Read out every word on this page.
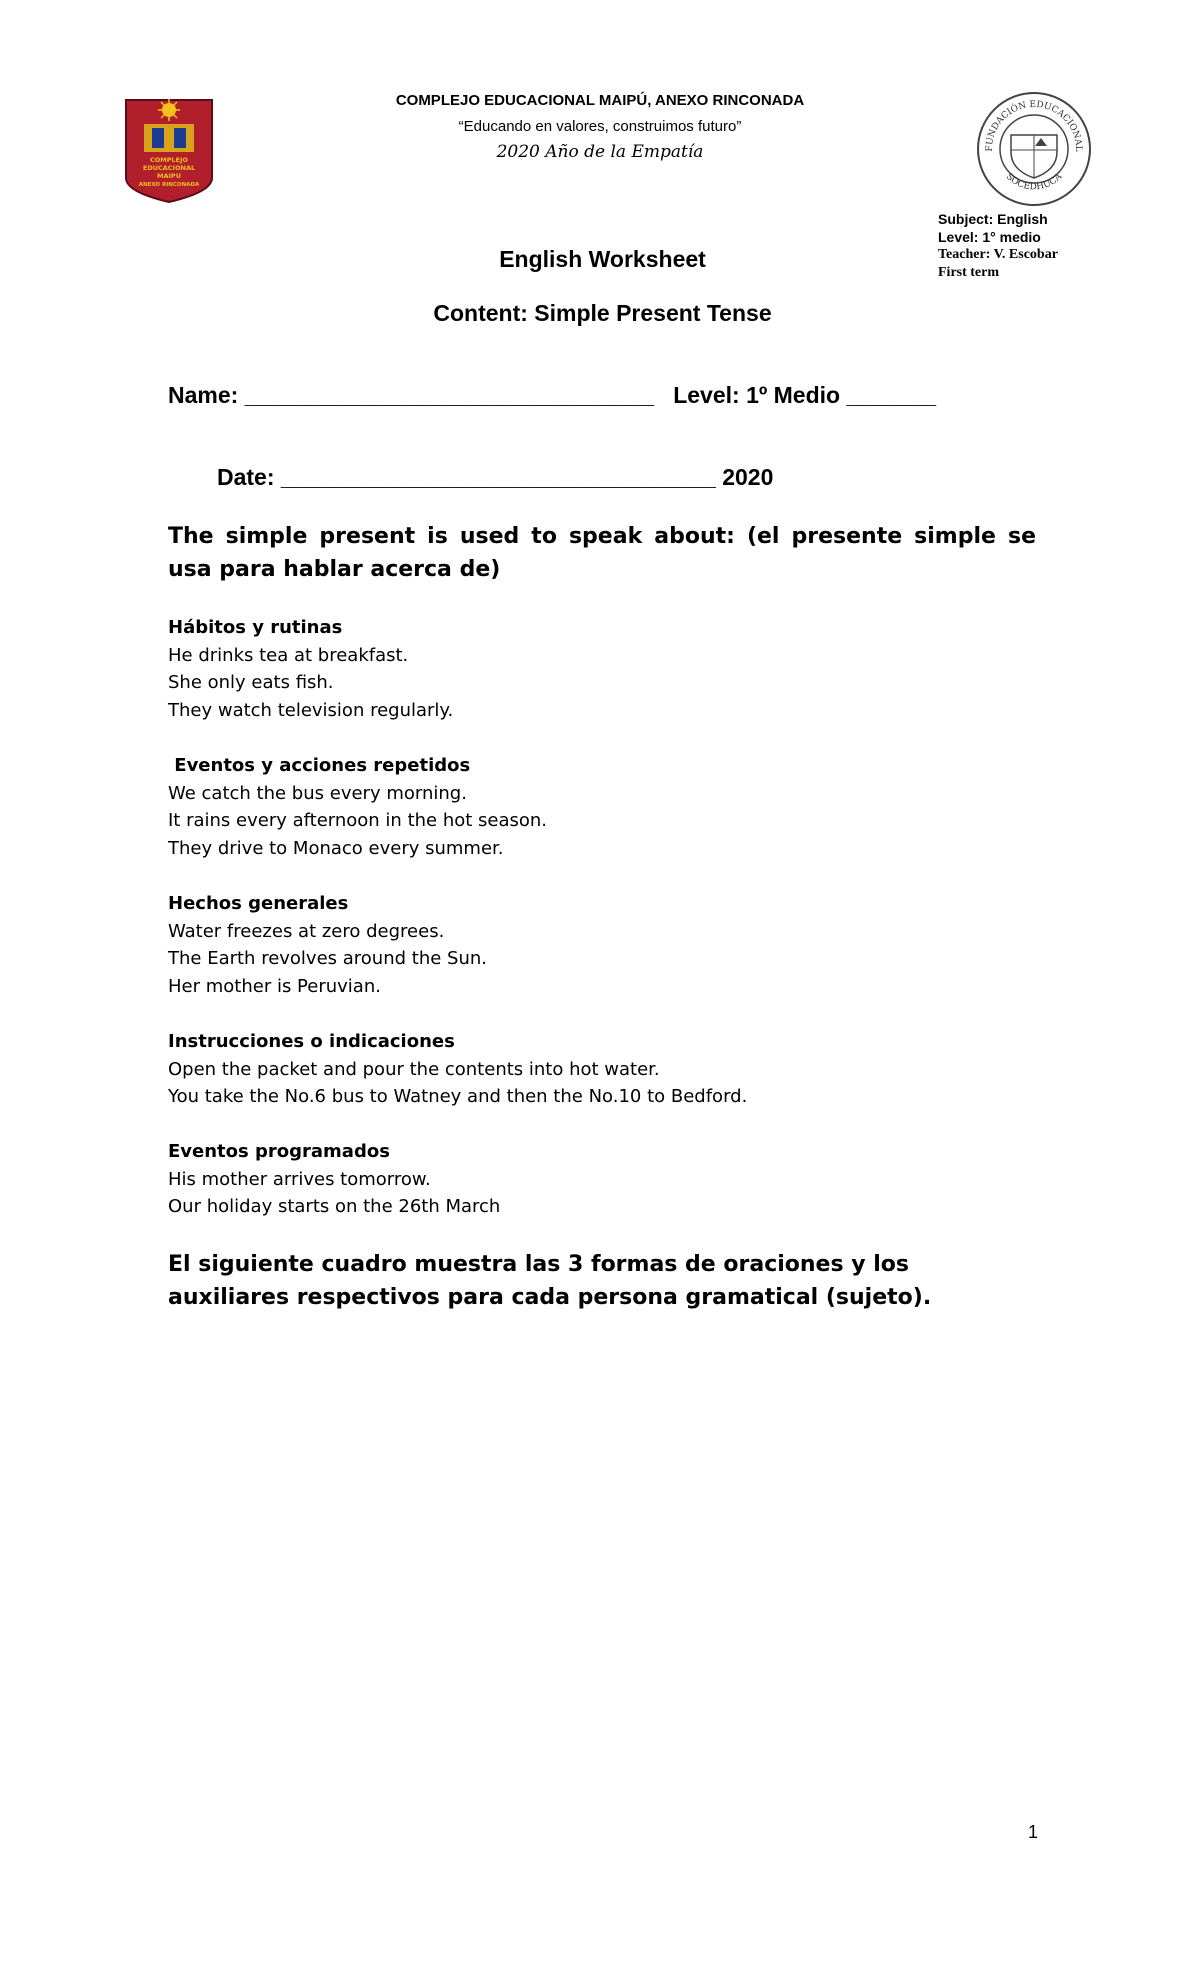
COMPLEJO
EDUCACIONAL
MAIPU
ANEXO RINCONADA
FUNDACIÓN EDUCACIONAL
SOCEDHUCA
COMPLEJO EDUCACIONAL MAIPÚ, ANEXO RINCONADA
“Educando en valores, construimos futuro”
2020 Año de la Empatía
Subject: English
Level: 1° medio
Teacher: V. Escobar
First term
English Worksheet
Content: Simple Present Tense
Name: ________________________________ Level: 1º Medio _______
Date: __________________________________ 2020
The simple present is used to speak about: (el presente simple se usa para hablar acerca de)
Hábitos y rutinas
He drinks tea at breakfast.
She only eats fish.
They watch television regularly.
Eventos y acciones repetidos
We catch the bus every morning.
It rains every afternoon in the hot season.
They drive to Monaco every summer.
Hechos generales
Water freezes at zero degrees.
The Earth revolves around the Sun.
Her mother is Peruvian.
Instrucciones o indicaciones
Open the packet and pour the contents into hot water.
You take the No.6 bus to Watney and then the No.10 to Bedford.
Eventos programados
His mother arrives tomorrow.
Our holiday starts on the 26th March
El siguiente cuadro muestra las 3 formas de oraciones y los auxiliares respectivos para cada persona gramatical (sujeto).
1
